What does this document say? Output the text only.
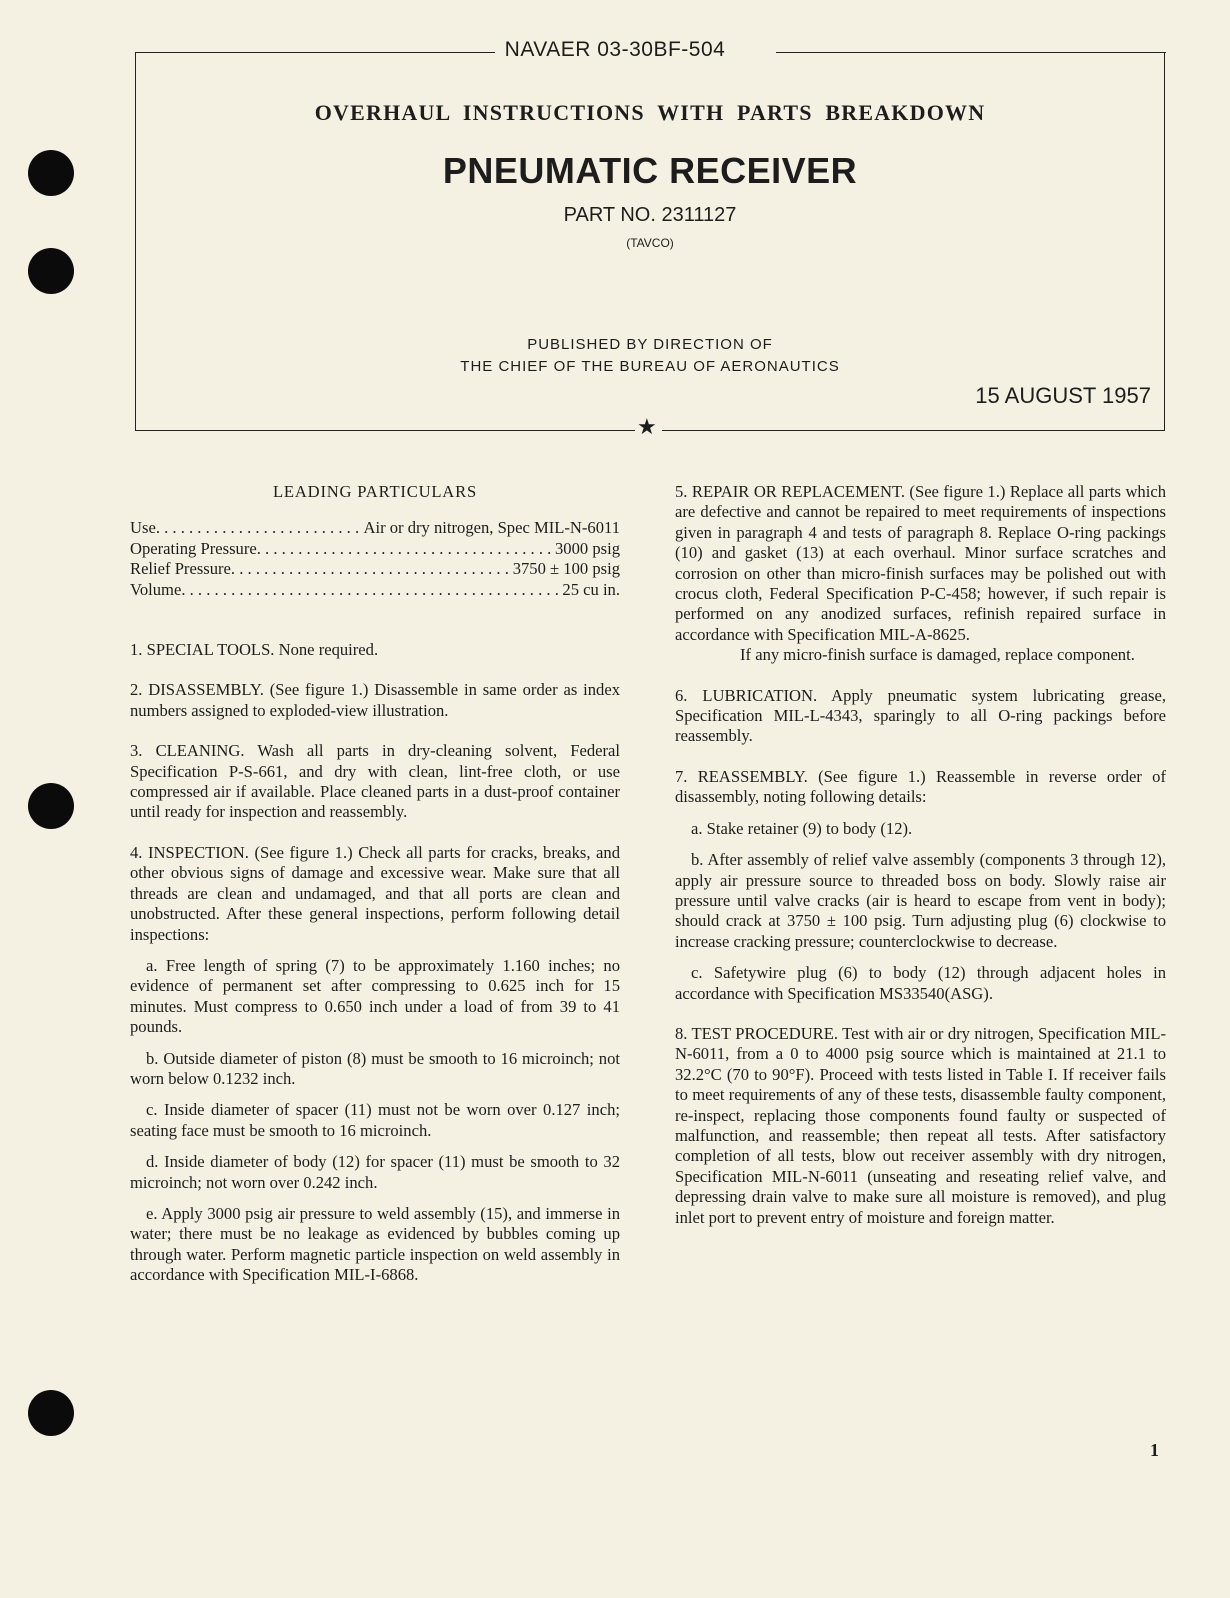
★
NAVAER 03-30BF-504
OVERHAUL INSTRUCTIONS WITH PARTS BREAKDOWN
PNEUMATIC RECEIVER
PART NO. 2311127
(TAVCO)
PUBLISHED BY DIRECTION OF
THE CHIEF OF THE BUREAU OF AERONAUTICS
15 AUGUST 1957

LEADING PARTICULARS

Use . . .	Air or dry nitrogen, Spec MIL-N-6011
Operating Pressure . . .	3000 psig
Relief Pressure . . .	3750 ± 100 psig
Volume . . .	25 cu in.

1. SPECIAL TOOLS. None required.

2. DISASSEMBLY. (See figure 1.) Disassemble in same order as index numbers assigned to exploded-view illustration.

3. CLEANING. Wash all parts in dry-cleaning solvent, Federal Specification P-S-661, and dry with clean, lint-free cloth, or use compressed air if available. Place cleaned parts in a dust-proof container until ready for inspection and reassembly.

4. INSPECTION. (See figure 1.) Check all parts for cracks, breaks, and other obvious signs of damage and excessive wear. Make sure that all threads are clean and undamaged, and that all ports are clean and unobstructed. After these general inspections, perform following detail inspections:

a. Free length of spring (7) to be approximately 1.160 inches; no evidence of permanent set after compressing to 0.625 inch for 15 minutes. Must compress to 0.650 inch under a load of from 39 to 41 pounds.

b. Outside diameter of piston (8) must be smooth to 16 microinch; not worn below 0.1232 inch.

c. Inside diameter of spacer (11) must not be worn over 0.127 inch; seating face must be smooth to 16 microinch.

d. Inside diameter of body (12) for spacer (11) must be smooth to 32 microinch; not worn over 0.242 inch.

e. Apply 3000 psig air pressure to weld assembly (15), and immerse in water; there must be no leakage as evidenced by bubbles coming up through water. Perform magnetic particle inspection on weld assembly in accordance with Specification MIL-I-6868.

5. REPAIR OR REPLACEMENT. (See figure 1.) Replace all parts which are defective and cannot be repaired to meet requirements of inspections given in paragraph 4 and tests of paragraph 8. Replace O-ring packings (10) and gasket (13) at each overhaul. Minor surface scratches and corrosion on other than micro-finish surfaces may be polished out with crocus cloth, Federal Specification P-C-458; however, if such repair is performed on any anodized surfaces, refinish repaired surface in accordance with Specification MIL-A-8625.

If any micro-finish surface is damaged, replace component.

6. LUBRICATION. Apply pneumatic system lubricating grease, Specification MIL-L-4343, sparingly to all O-ring packings before reassembly.

7. REASSEMBLY. (See figure 1.) Reassemble in reverse order of disassembly, noting following details:

a. Stake retainer (9) to body (12).

b. After assembly of relief valve assembly (components 3 through 12), apply air pressure source to threaded boss on body. Slowly raise air pressure until valve cracks (air is heard to escape from vent in body); should crack at 3750 ± 100 psig. Turn adjusting plug (6) clockwise to increase cracking pressure; counterclockwise to decrease.

c. Safetywire plug (6) to body (12) through adjacent holes in accordance with Specification MS33540(ASG).

8. TEST PROCEDURE. Test with air or dry nitrogen, Specification MIL-N-6011, from a 0 to 4000 psig source which is maintained at 21.1 to 32.2°C (70 to 90°F). Proceed with tests listed in Table I. If receiver fails to meet requirements of any of these tests, disassemble faulty component, re-inspect, replacing those components found faulty or suspected of malfunction, and reassemble; then repeat all tests. After satisfactory completion of all tests, blow out receiver assembly with dry nitrogen, Specification MIL-N-6011 (unseating and reseating relief valve, and depressing drain valve to make sure all moisture is removed), and plug inlet port to prevent entry of moisture and foreign matter.

1
